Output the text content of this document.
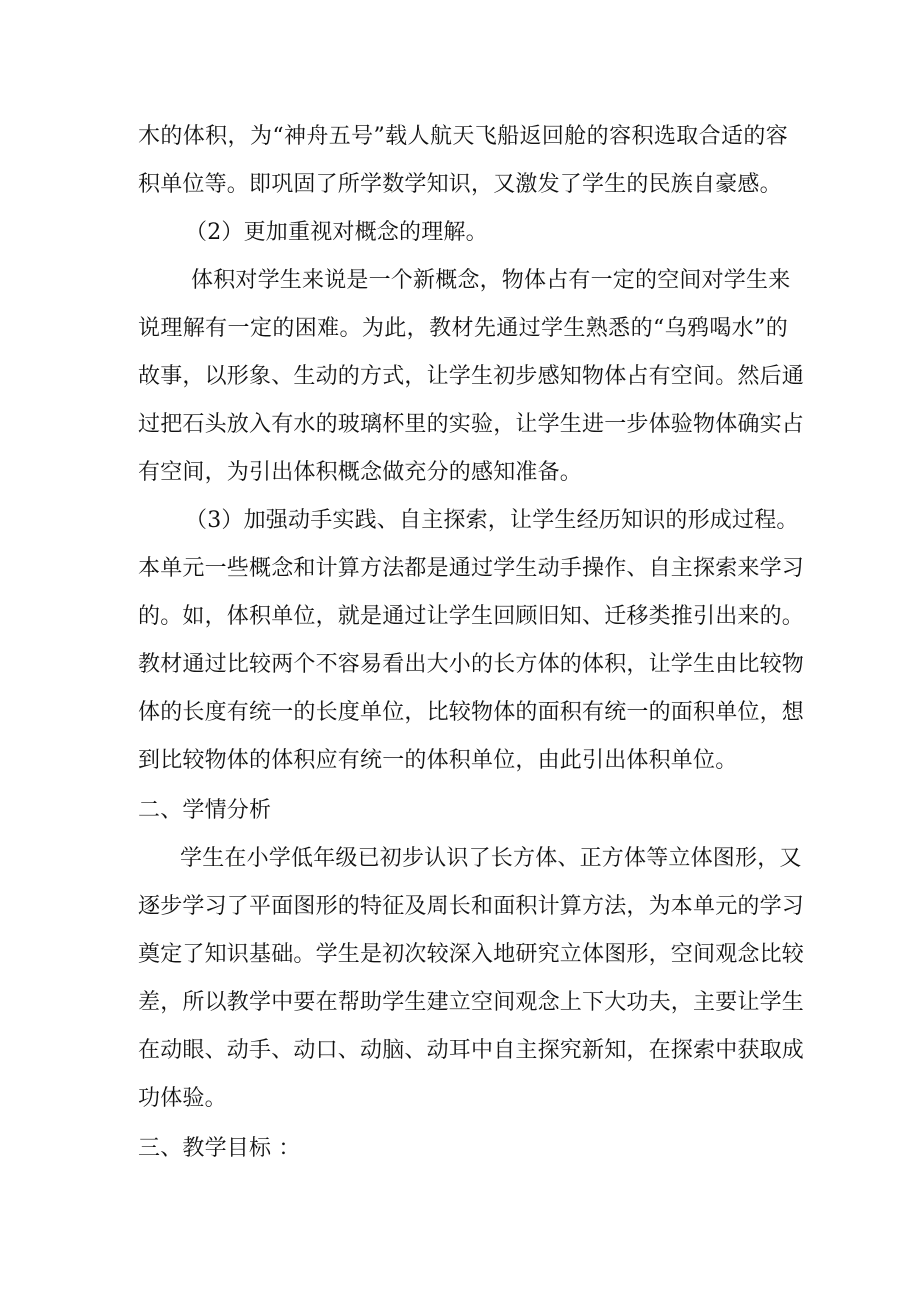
木的体积，为“神舟五号”载人航天飞船返回舱的容积选取合适的容
积单位等。即巩固了所学数学知识，又激发了学生的民族自豪感。
（2）更加重视对概念的理解。
体积对学生来说是一个新概念，物体占有一定的空间对学生来
说理解有一定的困难。为此，教材先通过学生熟悉的“乌鸦喝水”的
故事，以形象、生动的方式，让学生初步感知物体占有空间。然后通
过把石头放入有水的玻璃杯里的实验，让学生进一步体验物体确实占
有空间，为引出体积概念做充分的感知准备。
（3）加强动手实践、自主探索，让学生经历知识的形成过程。
本单元一些概念和计算方法都是通过学生动手操作、自主探索来学习
的。如，体积单位，就是通过让学生回顾旧知、迁移类推引出来的。
教材通过比较两个不容易看出大小的长方体的体积，让学生由比较物
体的长度有统一的长度单位，比较物体的面积有统一的面积单位，想
到比较物体的体积应有统一的体积单位，由此引出体积单位。
二、学情分析
学生在小学低年级已初步认识了长方体、正方体等立体图形，又
逐步学习了平面图形的特征及周长和面积计算方法，为本单元的学习
奠定了知识基础。学生是初次较深入地研究立体图形，空间观念比较
差，所以教学中要在帮助学生建立空间观念上下大功夫，主要让学生
在动眼、动手、动口、动脑、动耳中自主探究新知，在探索中获取成
功体验。
三、教学目标 ：
